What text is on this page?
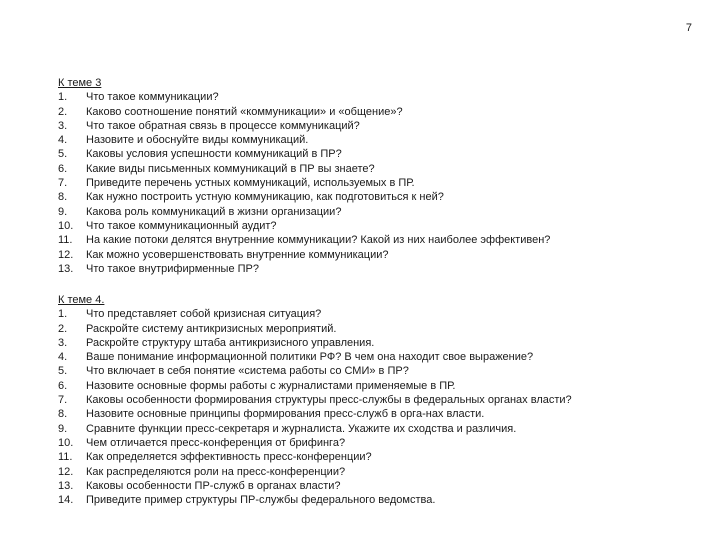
7
К теме 3
1.	Что такое коммуникации?
2.	Каково соотношение понятий «коммуникации» и «общение»?
3.	Что такое обратная связь в процессе коммуникаций?
4.	Назовите и обоснуйте виды коммуникаций.
5.	Каковы условия успешности коммуникаций в ПР?
6.	Какие виды письменных коммуникаций в ПР вы знаете?
7.	Приведите перечень устных коммуникаций, используемых в ПР.
8.	Как нужно построить устную коммуникацию, как подготовиться к ней?
9.	Какова роль коммуникаций в жизни организации?
10.	Что такое коммуникационный аудит?
11.	На какие потоки делятся внутренние коммуникации? Какой из них наиболее эффективен?
12.	Как можно усовершенствовать внутренние коммуникации?
13.	Что такое внутрифирменные ПР?
К теме 4.
1.	Что представляет собой кризисная ситуация?
2.	Раскройте систему антикризисных мероприятий.
3.	Раскройте структуру штаба антикризисного управления.
4.	Ваше понимание информационной политики РФ? В чем она находит свое выражение?
5.	Что включает в себя понятие «система работы со СМИ» в ПР?
6.	Назовите основные формы работы с журналистами применяемые в ПР.
7.	Каковы особенности формирования структуры пресс-службы в федеральных органах власти?
8.	Назовите основные принципы формирования пресс-служб в орга-нах власти.
9.	Сравните функции пресс-секретаря и журналиста. Укажите их сходства и различия.
10.	Чем отличается пресс-конференция от брифинга?
11.	Как определяется эффективность пресс-конференции?
12.	Как распределяются роли на пресс-конференции?
13.	Каковы особенности ПР-служб в органах власти?
14.	Приведите пример структуры ПР-службы федерального ведомства.
